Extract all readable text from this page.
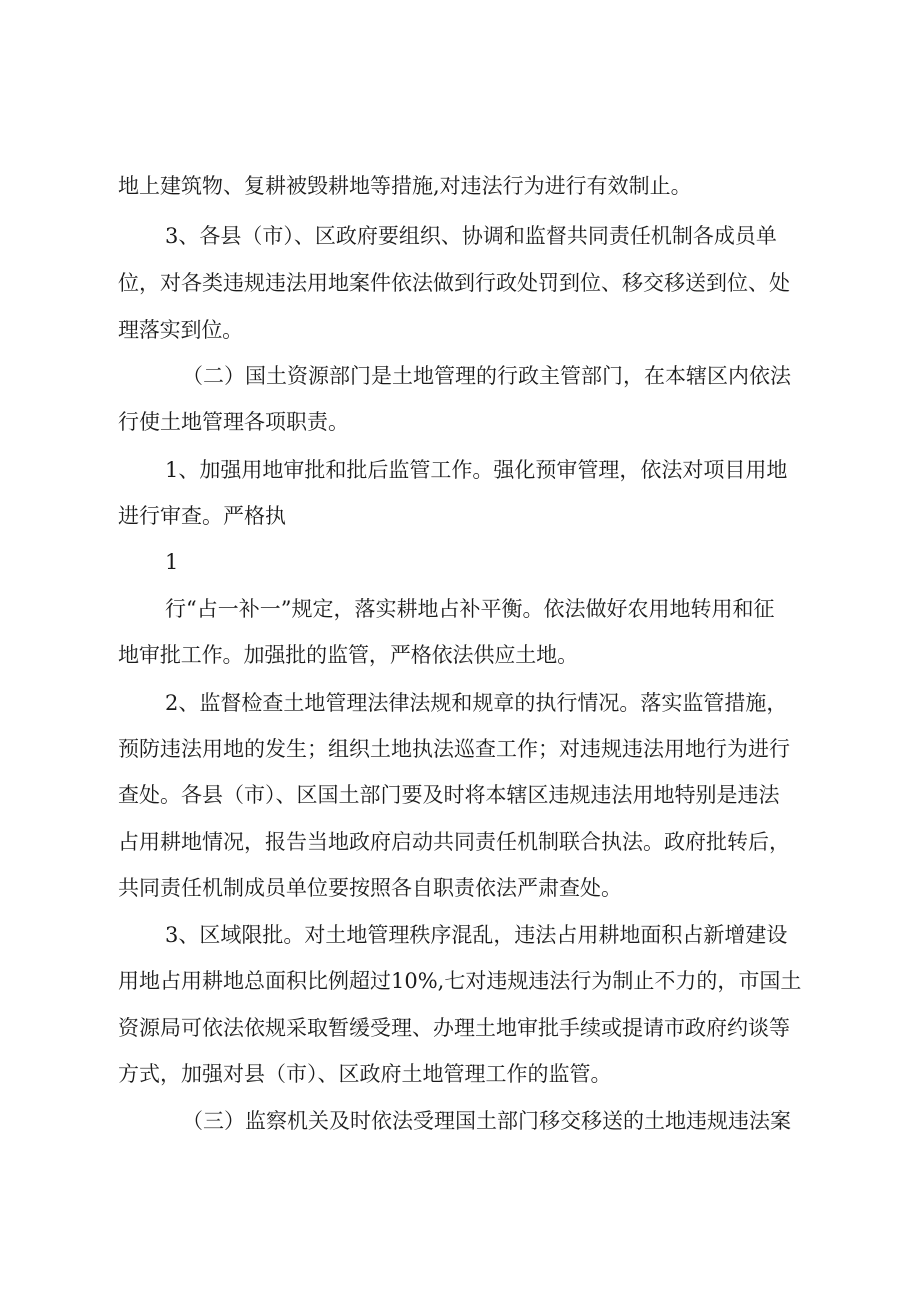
地上建筑物、复耕被毁耕地等措施,对违法行为进行有效制止。
3、各县（市）、区政府要组织、协调和监督共同责任机制各成员单
位，对各类违规违法用地案件依法做到行政处罚到位、移交移送到位、处
理落实到位。
（二）国土资源部门是土地管理的行政主管部门，在本辖区内依法
行使土地管理各项职责。
1、加强用地审批和批后监管工作。强化预审管理，依法对项目用地
进行审查。严格执
1
行“占一补一”规定，落实耕地占补平衡。依法做好农用地转用和征
地审批工作。加强批的监管，严格依法供应土地。
2、监督检查土地管理法律法规和规章的执行情况。落实监管措施，
预防违法用地的发生；组织土地执法巡查工作；对违规违法用地行为进行
查处。各县（市）、区国土部门要及时将本辖区违规违法用地特别是违法
占用耕地情况，报告当地政府启动共同责任机制联合执法。政府批转后，
共同责任机制成员单位要按照各自职责依法严肃查处。
3、区域限批。对土地管理秩序混乱，违法占用耕地面积占新增建设
用地占用耕地总面积比例超过10%,七对违规违法行为制止不力的，市国土
资源局可依法依规采取暂缓受理、办理土地审批手续或提请市政府约谈等
方式，加强对县（市）、区政府土地管理工作的监管。
（三）监察机关及时依法受理国土部门移交移送的土地违规违法案
